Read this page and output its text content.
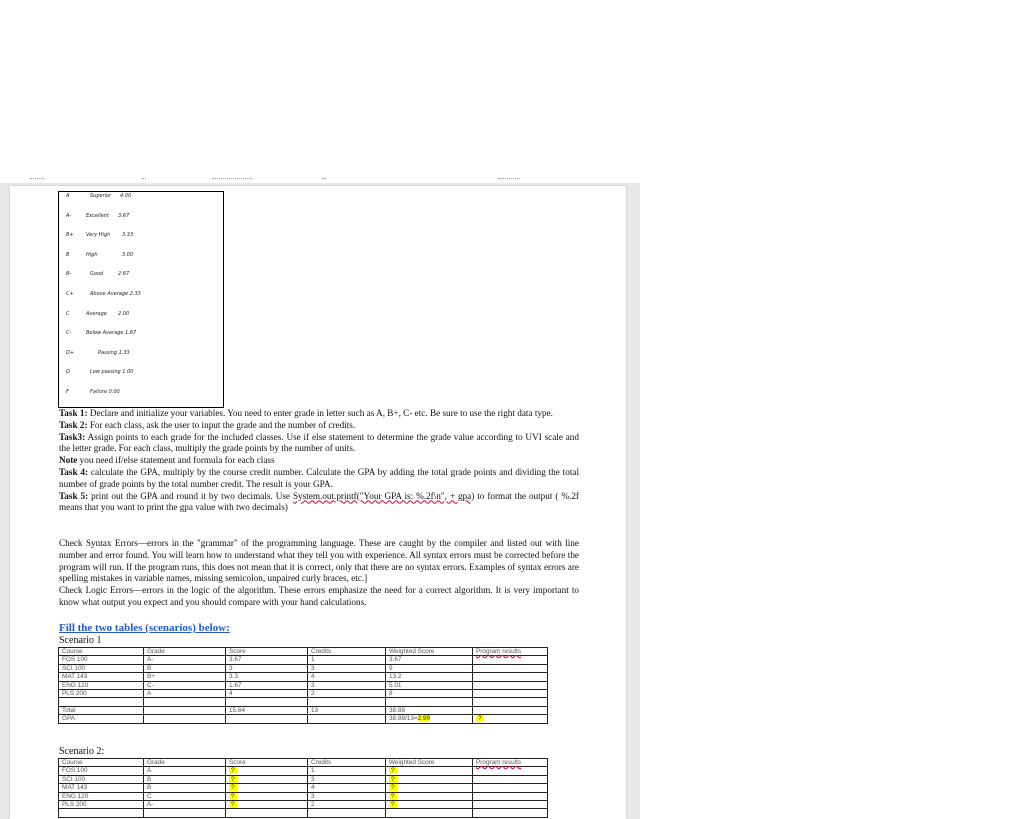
A	Superior 4.00
A-	Excellent 3.67
B+ Very High 3.33
B	High	3.00
B-	Good	2.67
C+	Above Average 2.33
C	Average 2.00
C-	Below Average 1.67
D+	Passing 1.33
D	Low passing 1.00
F	Failure 0.00

Task 1: Declare and initialize your variables. You need to enter grade in letter such as A, B+, C- etc. Be sure to use the right data type.

Task 2: For each class, ask the user to input the grade and the number of credits.

Task3: Assign points to each grade for the included classes. Use if else statement to determine the grade value according to UVI scale and the letter grade. For each class, multiply the grade points by the number of units.

Note you need if/else statement and formula for each class

Task 4: calculate the GPA, multiply by the course credit number. Calculate the GPA by adding the total grade points and dividing the total number of grade points by the total number credit. The result is your GPA.

Task 5: print out the GPA and round it by two decimals. Use System.out.printf("Your GPA is: %.2f\n", + gpa) to format the output ( %.2f means that you want to print the gpa value with two decimals)

Check Syntax Errors—errors in the "grammar" of the programming language. These are caught by the compiler and listed out with line number and error found. You will learn how to understand what they tell you with experience. All syntax errors must be corrected before the program will run. If the program runs, this does not mean that it is correct, only that there are no syntax errors. Examples of syntax errors are spelling mistakes in variable names, missing semicolon, unpaired curly braces, etc.]

Check Logic Errors—errors in the logic of the algorithm. These errors emphasize the need for a correct algorithm. It is very important to know what output you expect and you should compare with your hand calculations.

Fill the two tables (scenarios) below:
Scenario 1
Course	Grade	Score	Credits	Weighted Score	Program results
FOS 100	A-	3.67	1	3.67	
SCI 100	B	3	3	9	
MAT 143	B+	3.3	4	13.2	
ENG 120	C-	1.67	3	5.01	
PLS 200	A	4	2	8	

Total		15.64	13	38.88	
GPA				38.88/13=2.99	?
Scenario 2:
Course	Grade	Score	Credits	Weighted Score	Program results
FOS 100	A	?	1	?	
SCI 100	B	?	3	?	
MAT 143	B	?	4	?	
ENG 120	C	?	3	?	
PLS 200	A-	?	2	?	
